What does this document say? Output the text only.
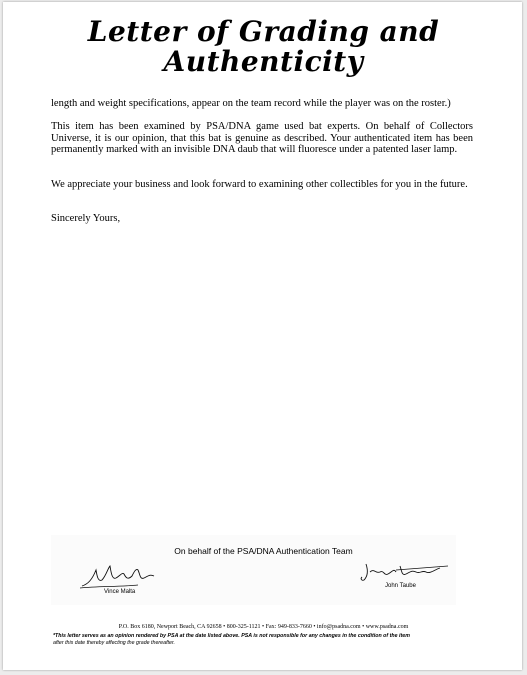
Letter of Grading and
Authenticity

length and weight specifications, appear on the team record while the player was on the roster.)

This item has been examined by PSA/DNA game used bat experts. On behalf of Collectors Universe, it is our opinion, that this bat is genuine as described. Your authenticated item has been permanently marked with an invisible DNA daub that will fluoresce under a patented laser lamp.

We appreciate your business and look forward to examining other collectibles for you in the future.

Sincerely Yours,

On behalf of the PSA/DNA Authentication Team
Vince Malta
John Taube
P.O. Box 6180, Newport Beach, CA 92658 • 800-325-1121 • Fax: 949-833-7660 • info@psadna.com • www.psadna.com

*This letter serves as an opinion rendered by PSA at the date listed above. PSA is not responsible for any changes in the condition of the item
after this date thereby affecting the grade thereafter.
